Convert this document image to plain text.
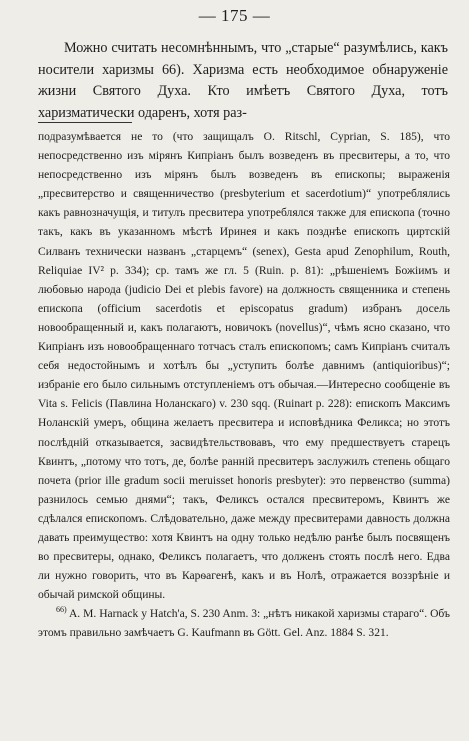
— 175 —

Можно считать несомнѣннымъ, что „старые“ разумѣлись, какъ носители харизмы 66). Харизма есть необходимое обнаруженіе жизни Святого Духа. Кто имѣетъ Святого Духа, тотъ харизматически одаренъ, хотя раз-

подразумѣвается не то (что защищалъ O. Ritschl, Cyprian, S. 185), что непосредственно изъ мірянъ Кипріанъ былъ возведенъ въ пресвитеры, а то, что непосредственно изъ мірянъ былъ возведенъ въ епископы; выраженія „пресвитерство и священничество (presbyterium et sacerdotium)“ употреблялись какъ равнозначущія, и титулъ пресвитера употреблялся также для епископа (точно такъ, какъ въ указанномъ мѣстѣ Иринея и какъ позднѣе епископъ циртскій Силванъ технически названъ „старцемъ“ (senex), Gesta apud Zenophilum, Routh, Reliquiae IV² p. 334); ср. тамъ же гл. 5 (Ruin. p. 81): „рѣшеніемъ Божіимъ и любовью народа (judicio Dei et plebis favore) на должность священника и степень епископа (officium sacerdotis et episcopatus gradum) избранъ досель новообращенный и, какъ полагаютъ, новичокъ (novellus)“, чѣмъ ясно сказано, что Кипріанъ изъ новообращеннаго тотчасъ сталъ епископомъ; самъ Кипріанъ считалъ себя недостойнымъ и хотѣлъ бы „уступить болѣе давнимъ (antiquioribus)“; избраніе его было сильнымъ отступленіемъ отъ обычая.—Интересно сообщеніе въ Vita s. Felicis (Павлина Ноланскаго) v. 230 sqq. (Ruinart p. 228): епископъ Максимъ Ноланскій умеръ, община желаетъ пресвитера и исповѣдника Феликса; но этотъ послѣдній отказывается, засвидѣтельствовавъ, что ему предшествуетъ старецъ Квинтъ, „потому что тотъ, де, болѣе ранній пресвитеръ заслужилъ степень общаго почета (prior ille gradum socii meruisset honoris presbyter): это первенство (summa) разнилось семью днями“; такъ, Феликсъ остался пресвитеромъ, Квинтъ же сдѣлался епископомъ. Слѣдовательно, даже между пресвитерами давность должна давать преимущество: хотя Квинтъ на одну только недѣлю ранѣе былъ посвященъ во пресвитеры, однако, Феликсъ полагаетъ, что долженъ стоять послѣ него. Едва ли нужно говорить, что въ Карѳагенѣ, какъ и въ Нолѣ, отражается воззрѣніе и обычай римской общины.

$^{66)}$ A. M. Harnack у Hatch'a, S. 230 Anm. 3: „нѣтъ никакой харизмы стараго“. Объ этомъ правильно замѣчаетъ G. Kaufmann въ Gött. Gel. Anz. 1884 S. 321.
